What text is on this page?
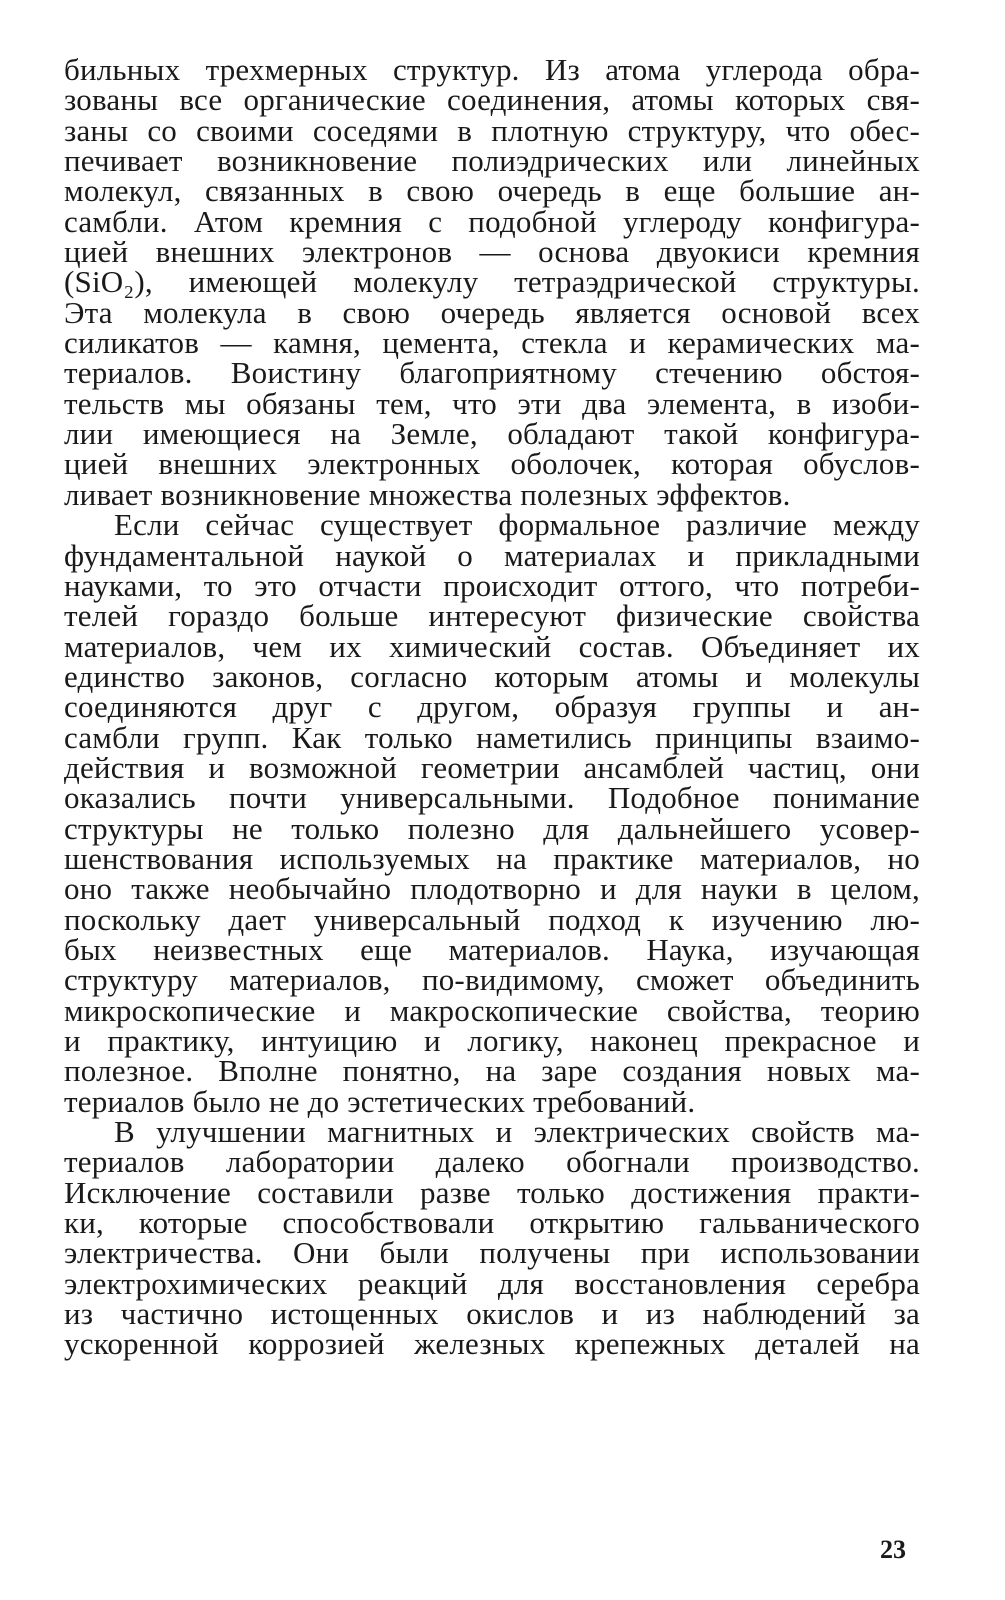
бильных трехмерных структур. Из атома углерода обра-
зованы все органические соединения, атомы которых свя-
заны со своими соседями в плотную структуру, что обес-
печивает возникновение полиэдрических или линейных
молекул, связанных в свою очередь в еще большие ан-
самбли. Атом кремния с подобной углероду конфигура-
цией внешних электронов — основа двуокиси кремния
(SiO₂), имеющей молекулу тетраэдрической структуры.
Эта молекула в свою очередь является основой всех
силикатов — камня, цемента, стекла и керамических ма-
териалов. Воистину благоприятному стечению обстоя-
тельств мы обязаны тем, что эти два элемента, в изоби-
лии имеющиеся на Земле, обладают такой конфигура-
цией внешних электронных оболочек, которая обуслов-
ливает возникновение множества полезных эффектов.
Если сейчас существует формальное различие между
фундаментальной наукой о материалах и прикладными
науками, то это отчасти происходит оттого, что потреби-
телей гораздо больше интересуют физические свойства
материалов, чем их химический состав. Объединяет их
единство законов, согласно которым атомы и молекулы
соединяются друг с другом, образуя группы и ан-
самбли групп. Как только наметились принципы взаимо-
действия и возможной геометрии ансамблей частиц, они
оказались почти универсальными. Подобное понимание
структуры не только полезно для дальнейшего усовер-
шенствования используемых на практике материалов, но
оно также необычайно плодотворно и для науки в целом,
поскольку дает универсальный подход к изучению лю-
бых неизвестных еще материалов. Наука, изучающая
структуру материалов, по-видимому, сможет объединить
микроскопические и макроскопические свойства, теорию
и практику, интуицию и логику, наконец прекрасное и
полезное. Вполне понятно, на заре создания новых ма-
териалов было не до эстетических требований.
В улучшении магнитных и электрических свойств ма-
териалов лаборатории далеко обогнали производство.
Исключение составили разве только достижения практи-
ки, которые способствовали открытию гальванического
электричества. Они были получены при использовании
электрохимических реакций для восстановления серебра
из частично истощенных окислов и из наблюдений за
ускоренной коррозией железных крепежных деталей на
23
